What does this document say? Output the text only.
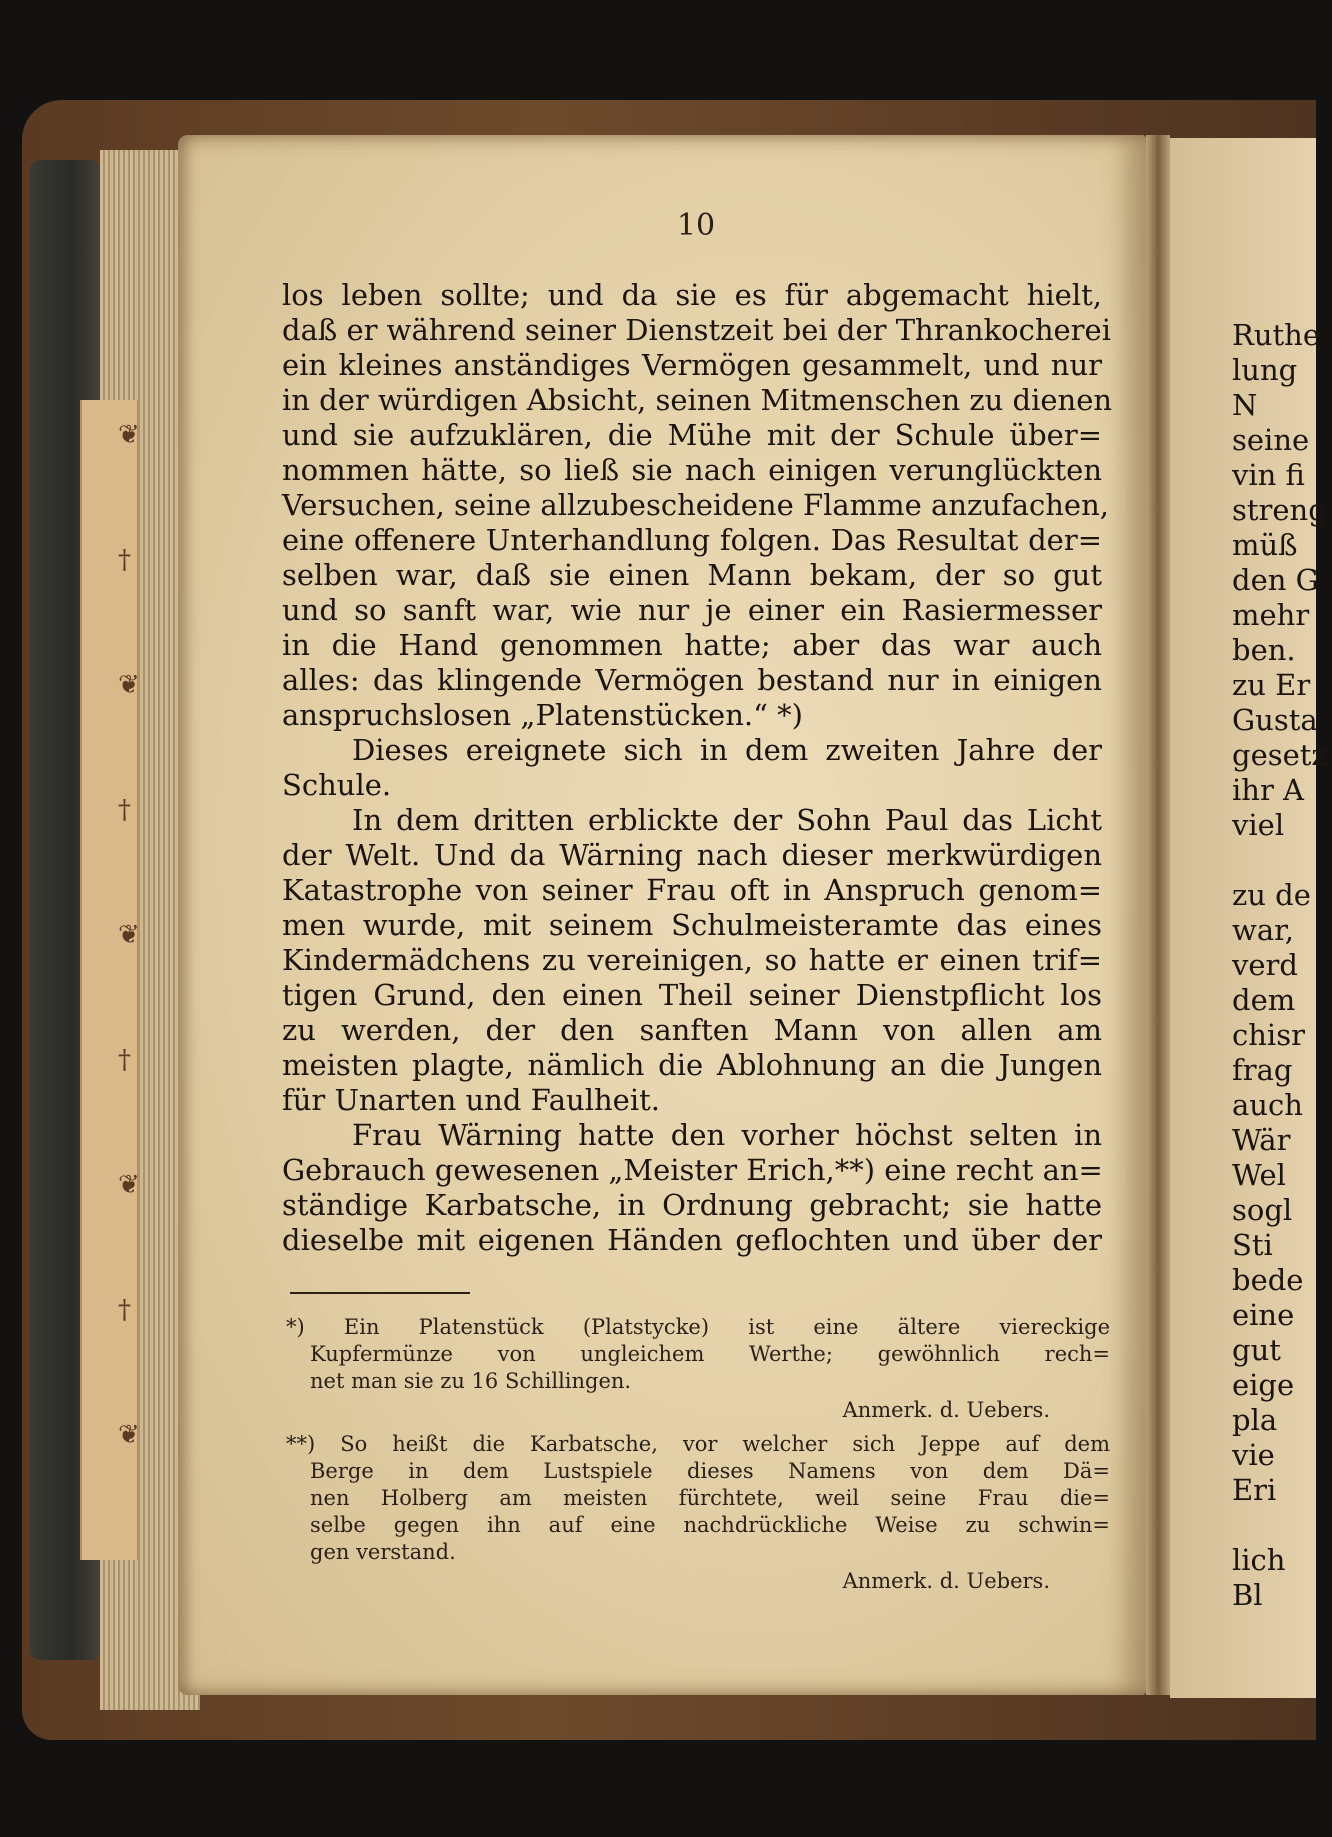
❦
†
❦
†
❦
†
❦
†
❦
10
los leben sollte; und da sie es für abgemacht hielt,
daß er während seiner Dienstzeit bei der Thrankocherei
ein kleines anständiges Vermögen gesammelt, und nur
in der würdigen Absicht, seinen Mitmenschen zu dienen
und sie aufzuklären, die Mühe mit der Schule über=
nommen hätte, so ließ sie nach einigen verunglückten
Versuchen, seine allzubescheidene Flamme anzufachen,
eine offenere Unterhandlung folgen. Das Resultat der=
selben war, daß sie einen Mann bekam, der so gut
und so sanft war, wie nur je einer ein Rasiermesser
in die Hand genommen hatte; aber das war auch
alles: das klingende Vermögen bestand nur in einigen
anspruchslosen „Platenstücken.“ *)
Dieses ereignete sich in dem zweiten Jahre der
Schule.
In dem dritten erblickte der Sohn Paul das Licht
der Welt. Und da Wärning nach dieser merkwürdigen
Katastrophe von seiner Frau oft in Anspruch genom=
men wurde, mit seinem Schulmeisteramte das eines
Kindermädchens zu vereinigen, so hatte er einen trif=
tigen Grund, den einen Theil seiner Dienstpflicht los
zu werden, der den sanften Mann von allen am
meisten plagte, nämlich die Ablohnung an die Jungen
für Unarten und Faulheit.
Frau Wärning hatte den vorher höchst selten in
Gebrauch gewesenen „Meister Erich,**) eine recht an=
ständige Karbatsche, in Ordnung gebracht; sie hatte
dieselbe mit eigenen Händen geflochten und über der
*) Ein Platenstück (Platstycke) ist eine ältere viereckige
Kupfermünze von ungleichem Werthe; gewöhnlich rech=
net man sie zu 16 Schillingen.
Anmerk. d. Uebers.
**) So heißt die Karbatsche, vor welcher sich Jeppe auf dem
Berge in dem Lustspiele dieses Namens von dem Dä=
nen Holberg am meisten fürchtete, weil seine Frau die=
selbe gegen ihn auf eine nachdrückliche Weise zu schwin=
gen verstand.
Anmerk. d. Uebers.
Ruthe
lung
N
seine
vin fi
streng
müß
den G
mehr
ben.
zu Er
Gusta
gesetz
ihr A
viel
zu de
war,
verd
dem
chisr
frag
auch
Wär
Wel
sogl
Sti
bede
eine
gut
eige
pla
vie
Eri
lich
Bl
